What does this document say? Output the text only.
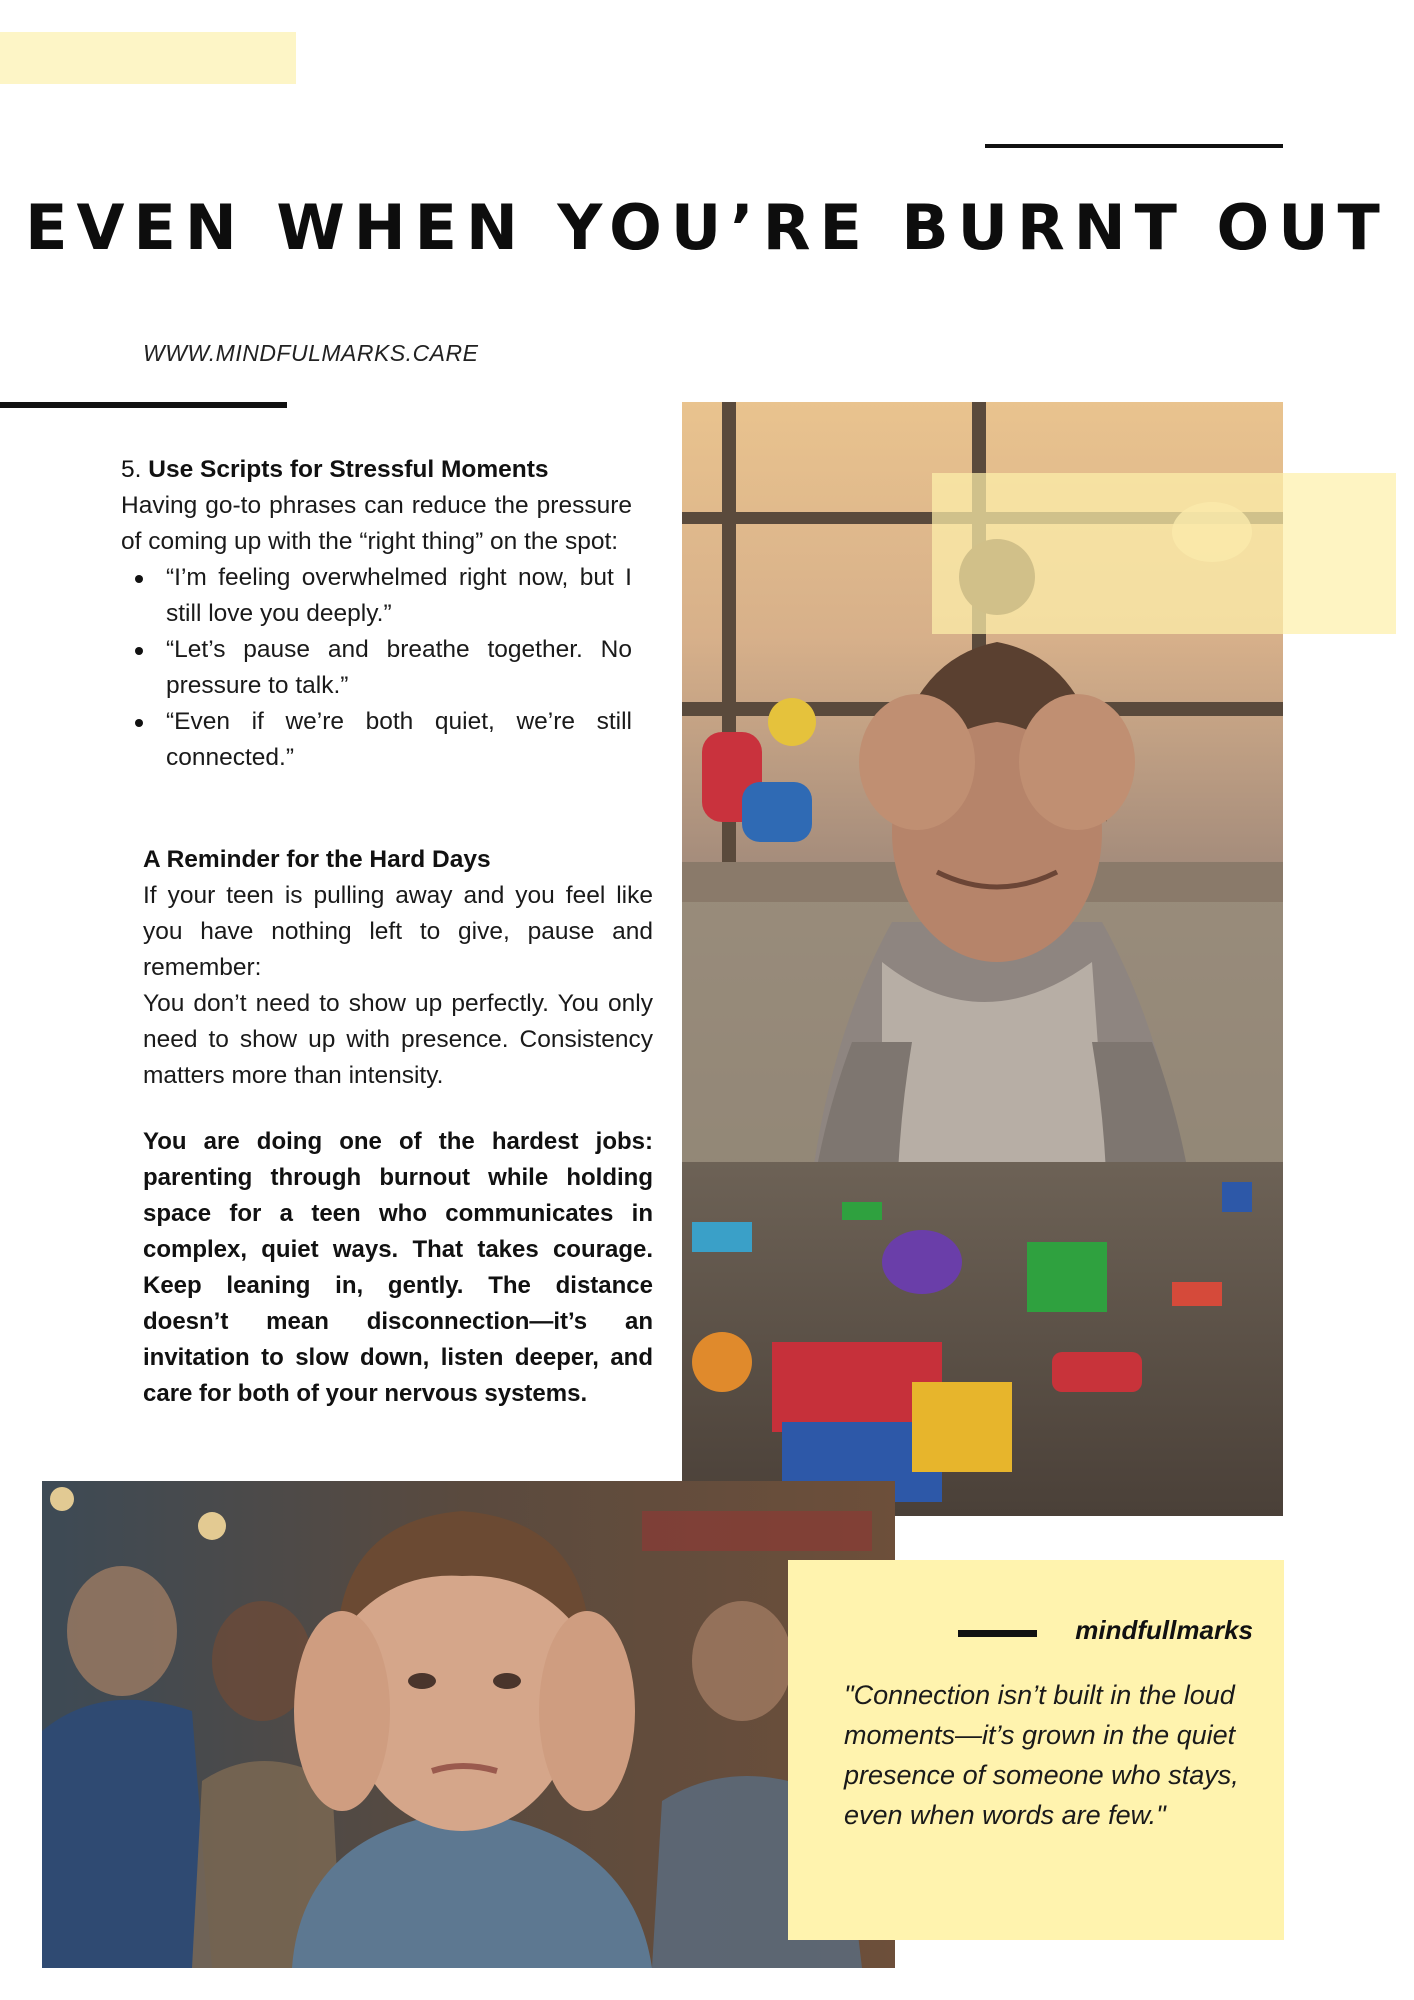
EVEN WHEN YOU’RE BURNT OUT
WWW.MINDFULMARKS.CARE

5. Use Scripts for Stressful Moments

Having go-to phrases can reduce the pressure of coming up with the “right thing” on the spot:

“I’m feeling overwhelmed right now, but I still love you deeply.”
“Let’s pause and breathe together. No pressure to talk.”
“Even if we’re both quiet, we’re still connected.”

A Reminder for the Hard Days

If your teen is pulling away and you feel like you have nothing left to give, pause and remember:

You don’t need to show up perfectly. You only need to show up with presence. Consistency matters more than intensity.

You are doing one of the hardest jobs: parenting through burnout while holding space for a teen who communicates in complex, quiet ways. That takes courage. Keep leaning in, gently. The distance doesn’t mean disconnection—it’s an invitation to slow down, listen deeper, and care for both of your nervous systems.

mindfullmarks

"Connection isn’t built in the loud moments—it’s grown in the quiet presence of someone who stays, even when words are few."
